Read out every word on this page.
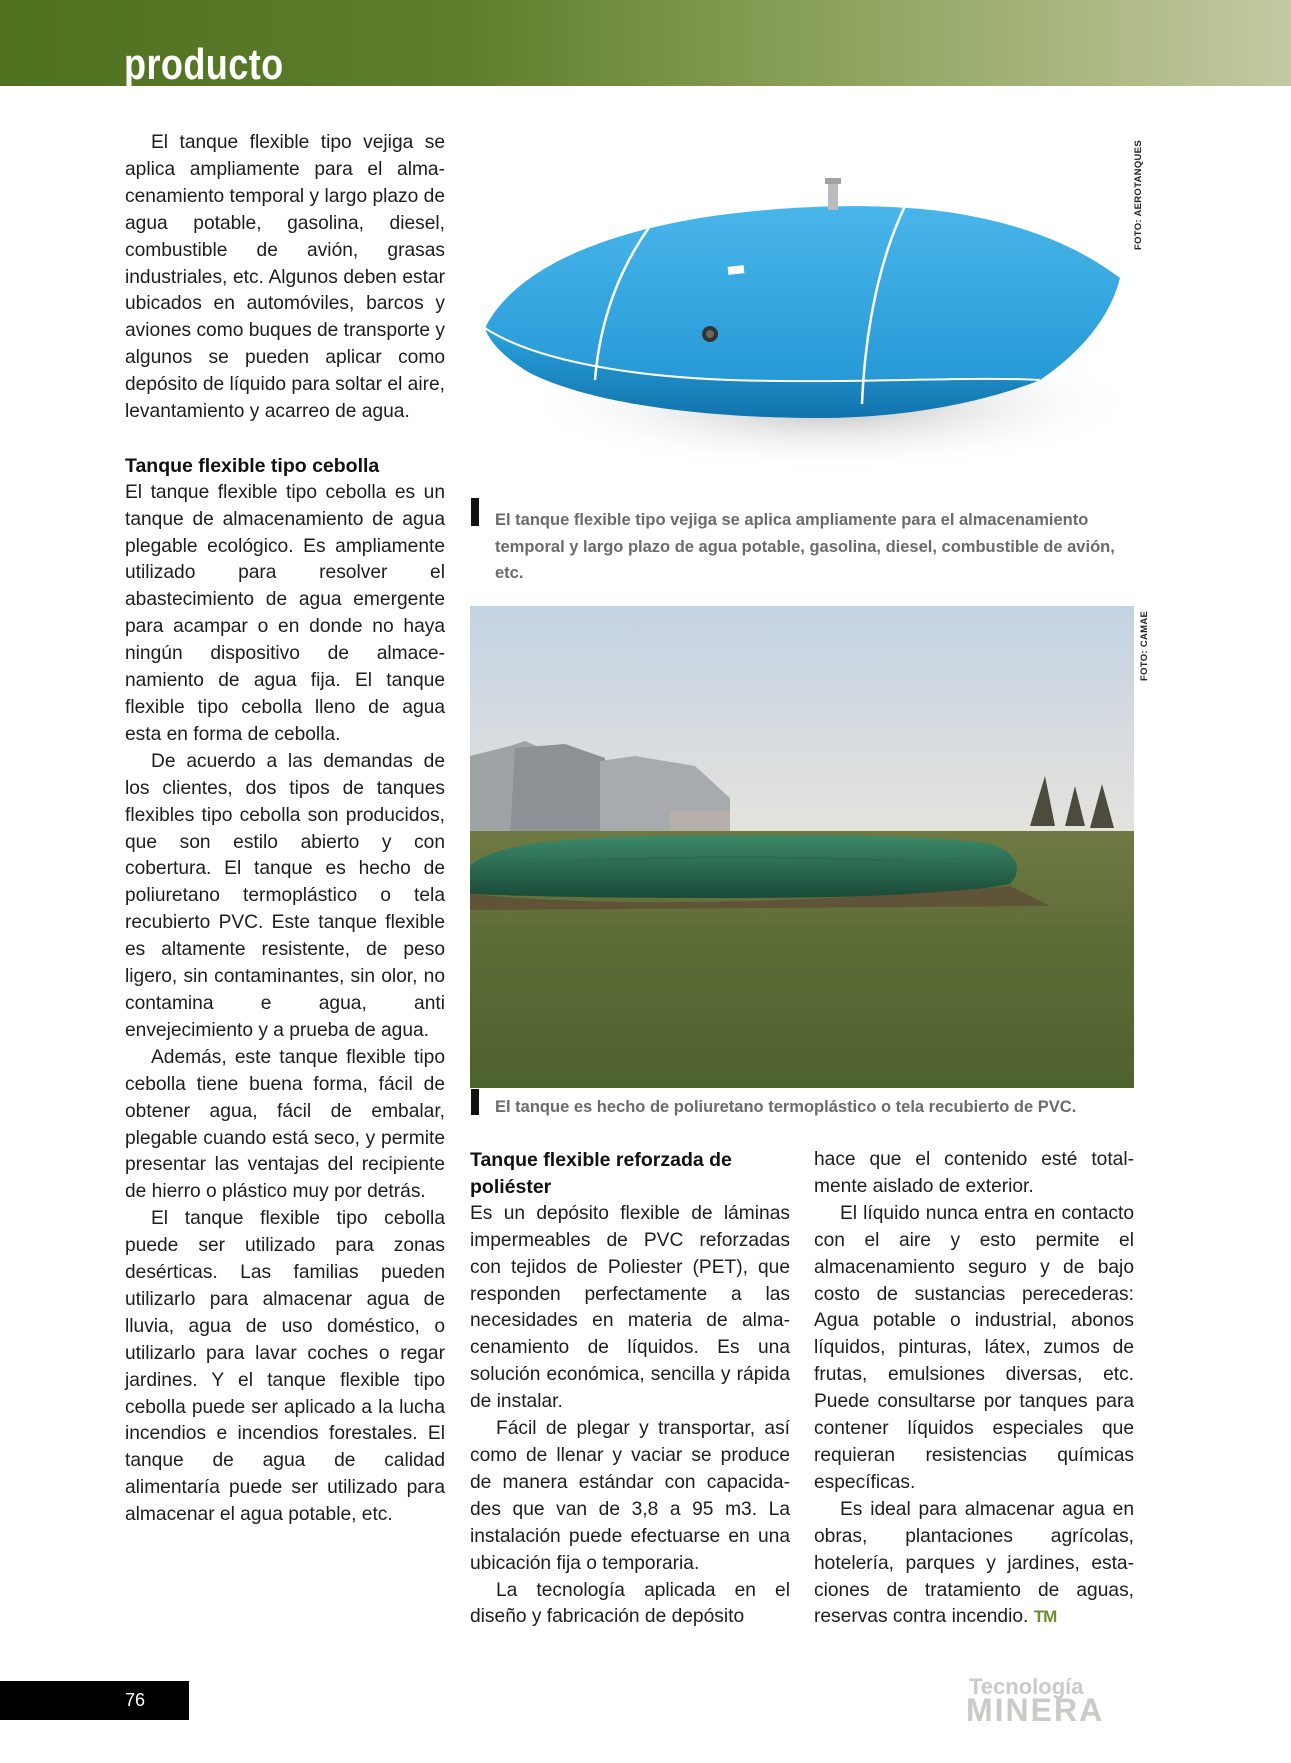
producto

El tanque flexible tipo vejiga se aplica ampliamente para el almacenamiento temporal y largo plazo de agua potable, gasolina, diesel, combustible de avión, grasas industriales, etc. Algunos deben estar ubicados en automóviles, barcos y aviones como buques de transporte y algunos se pueden aplicar como depósito de líquido para soltar el aire, levantamiento y acarreo de agua.

Tanque flexible tipo cebolla

El tanque flexible tipo cebolla es un tanque de almacenamiento de agua plegable ecológico. Es ampliamente utilizado para resolver el abastecimiento de agua emergente para acampar o en donde no haya ningún dispositivo de almacenamiento de agua fija. El tanque flexible tipo cebolla lleno de agua esta en forma de cebolla.

De acuerdo a las demandas de los clientes, dos tipos de tanques flexibles tipo cebolla son producidos, que son estilo abierto y con cobertura. El tanque es hecho de poliuretano termoplástico o tela recubierto PVC. Este tanque flexible es altamente resistente, de peso ligero, sin contaminantes, sin olor, no contamina e agua, anti envejecimiento y a prueba de agua.

Además, este tanque flexible tipo cebolla tiene buena forma, fácil de obtener agua, fácil de embalar, plegable cuando está seco, y permite presentar las ventajas del recipiente de hierro o plástico muy por detrás.

El tanque flexible tipo cebolla puede ser utilizado para zonas desérticas. Las familias pueden utilizarlo para almacenar agua de lluvia, agua de uso doméstico, o utilizarlo para lavar coches o regar jardines. Y el tanque flexible tipo cebolla puede ser aplicado a la lucha incendios e incendios forestales. El tanque de agua de calidad alimentaría puede ser utilizado para almacenar el agua potable, etc.

FOTO: AEROTANQUES
El tanque flexible tipo vejiga se aplica ampliamente para el almacenamiento temporal y largo plazo de agua potable, gasolina, diesel, combustible de avión, etc.
FOTO: CAMAE
El tanque es hecho de poliuretano termoplástico o tela recubierto de PVC.
Tanque flexible reforzada de poliéster

Es un depósito flexible de láminas impermeables de PVC reforzadas con tejidos de Poliester (PET), que responden perfectamente a las necesidades en materia de almacenamiento de líquidos. Es una solución económica, sencilla y rápida de instalar.

Fácil de plegar y transportar, así como de llenar y vaciar se produce de manera estándar con capacidades que van de 3,8 a 95 m3. La instalación puede efectuarse en una ubicación fija o temporaria.

La tecnología aplicada en el diseño y fabricación de depósito

hace que el contenido esté totalmente aislado de exterior.

El líquido nunca entra en contacto con el aire y esto permite el almacenamiento seguro y de bajo costo de sustancias perecederas: Agua potable o industrial, abonos líquidos, pinturas, látex, zumos de frutas, emulsiones diversas, etc. Puede consultarse por tanques para contener líquidos especiales que requieran resistencias químicas específicas.

Es ideal para almacenar agua en obras, plantaciones agrícolas, hotelería, parques y jardines, estaciones de tratamiento de aguas, reservas contra incendio. TM

76
Tecnología
MINERA
